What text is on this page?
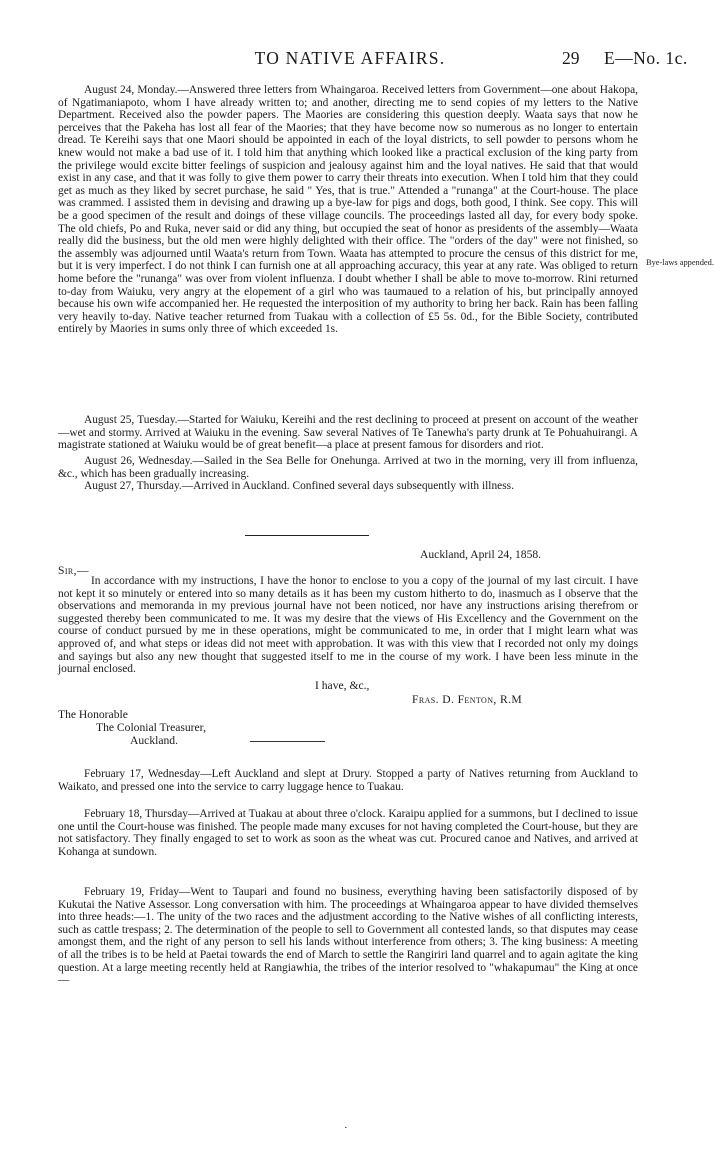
TO NATIVE AFFAIRS.	29 E—No. 1c.
Bye-laws appended.

August 24, Monday.—Answered three letters from Whaingaroa. Received letters from Government—one about Hakopa, of Ngatimaniapoto, whom I have already written to; and another, directing me to send copies of my letters to the Native Department. Received also the powder papers. The Maories are considering this question deeply. Waata says that now he perceives that the Pakeha has lost all fear of the Maories; that they have become now so numerous as no longer to entertain dread. Te Kereihi says that one Maori should be appointed in each of the loyal districts, to sell powder to persons whom he knew would not make a bad use of it. I told him that anything which looked like a practical exclusion of the king party from the privilege would excite bitter feelings of suspicion and jealousy against him and the loyal natives. He said that that would exist in any case, and that it was folly to give them power to carry their threats into execution. When I told him that they could get as much as they liked by secret purchase, he said " Yes, that is true." Attended a "runanga" at the Court-house. The place was crammed. I assisted them in devising and drawing up a bye-law for pigs and dogs, both good, I think. See copy. This will be a good specimen of the result and doings of these village councils. The proceedings lasted all day, for every body spoke. The old chiefs, Po and Ruka, never said or did any thing, but occupied the seat of honor as presidents of the assembly—Waata really did the business, but the old men were highly delighted with their office. The "orders of the day" were not finished, so the assembly was adjourned until Waata's return from Town. Waata has attempted to procure the census of this district for me, but it is very imperfect. I do not think I can furnish one at all approaching accuracy, this year at any rate. Was obliged to return home before the "runanga" was over from violent influenza. I doubt whether I shall be able to move to-morrow. Rini returned to-day from Waiuku, very angry at the elopement of a girl who was taumaued to a relation of his, but principally annoyed because his own wife accompanied her. He requested the interposition of my authority to bring her back. Rain has been falling very heavily to-day. Native teacher returned from Tuakau with a collection of £5 5s. 0d., for the Bible Society, contributed entirely by Maories in sums only three of which exceeded 1s.

August 25, Tuesday.—Started for Waiuku, Kereihi and the rest declining to proceed at present on account of the weather—wet and stormy. Arrived at Waiuku in the evening. Saw several Natives of Te Tanewha's party drunk at Te Pohuahuirangi. A magistrate stationed at Waiuku would be of great benefit—a place at present famous for disorders and riot.

August 26, Wednesday.—Sailed in the Sea Belle for Onehunga. Arrived at two in the morning, very ill from influenza, &c., which has been gradually increasing.

August 27, Thursday.—Arrived in Auckland. Confined several days subsequently with illness.

Auckland, April 24, 1858.
Sir,—

In accordance with my instructions, I have the honor to enclose to you a copy of the journal of my last circuit. I have not kept it so minutely or entered into so many details as it has been my custom hitherto to do, inasmuch as I observe that the observations and memoranda in my previous journal have not been noticed, nor have any instructions arising therefrom or suggested thereby been communicated to me. It was my desire that the views of His Excellency and the Government on the course of conduct pursued by me in these operations, might be communicated to me, in order that I might learn what was approved of, and what steps or ideas did not meet with approbation. It was with this view that I recorded not only my doings and sayings but also any new thought that suggested itself to me in the course of my work. I have been less minute in the journal enclosed.

I have, &c.,
Fras. D. Fenton, R.M
The Honorable
The Colonial Treasurer,
Auckland.

February 17, Wednesday—Left Auckland and slept at Drury. Stopped a party of Natives returning from Auckland to Waikato, and pressed one into the service to carry luggage hence to Tuakau.

February 18, Thursday—Arrived at Tuakau at about three o'clock. Karaipu applied for a summons, but I declined to issue one until the Court-house was finished. The people made many excuses for not having completed the Court-house, but they are not satisfactory. They finally engaged to set to work as soon as the wheat was cut. Procured canoe and Natives, and arrived at Kohanga at sundown.

February 19, Friday—Went to Taupari and found no business, everything having been satisfactorily disposed of by Kukutai the Native Assessor. Long conversation with him. The proceedings at Whaingaroa appear to have divided themselves into three heads:—1. The unity of the two races and the adjustment according to the Native wishes of all conflicting interests, such as cattle trespass; 2. The determination of the people to sell to Government all contested lands, so that disputes may cease amongst them, and the right of any person to sell his lands without interference from others; 3. The king business: A meeting of all the tribes is to be held at Paetai towards the end of March to settle the Rangiriri land quarrel and to again agitate the king question. At a large meeting recently held at Rangiawhia, the tribes of the interior resolved to "whakapumau" the King at once—

·
